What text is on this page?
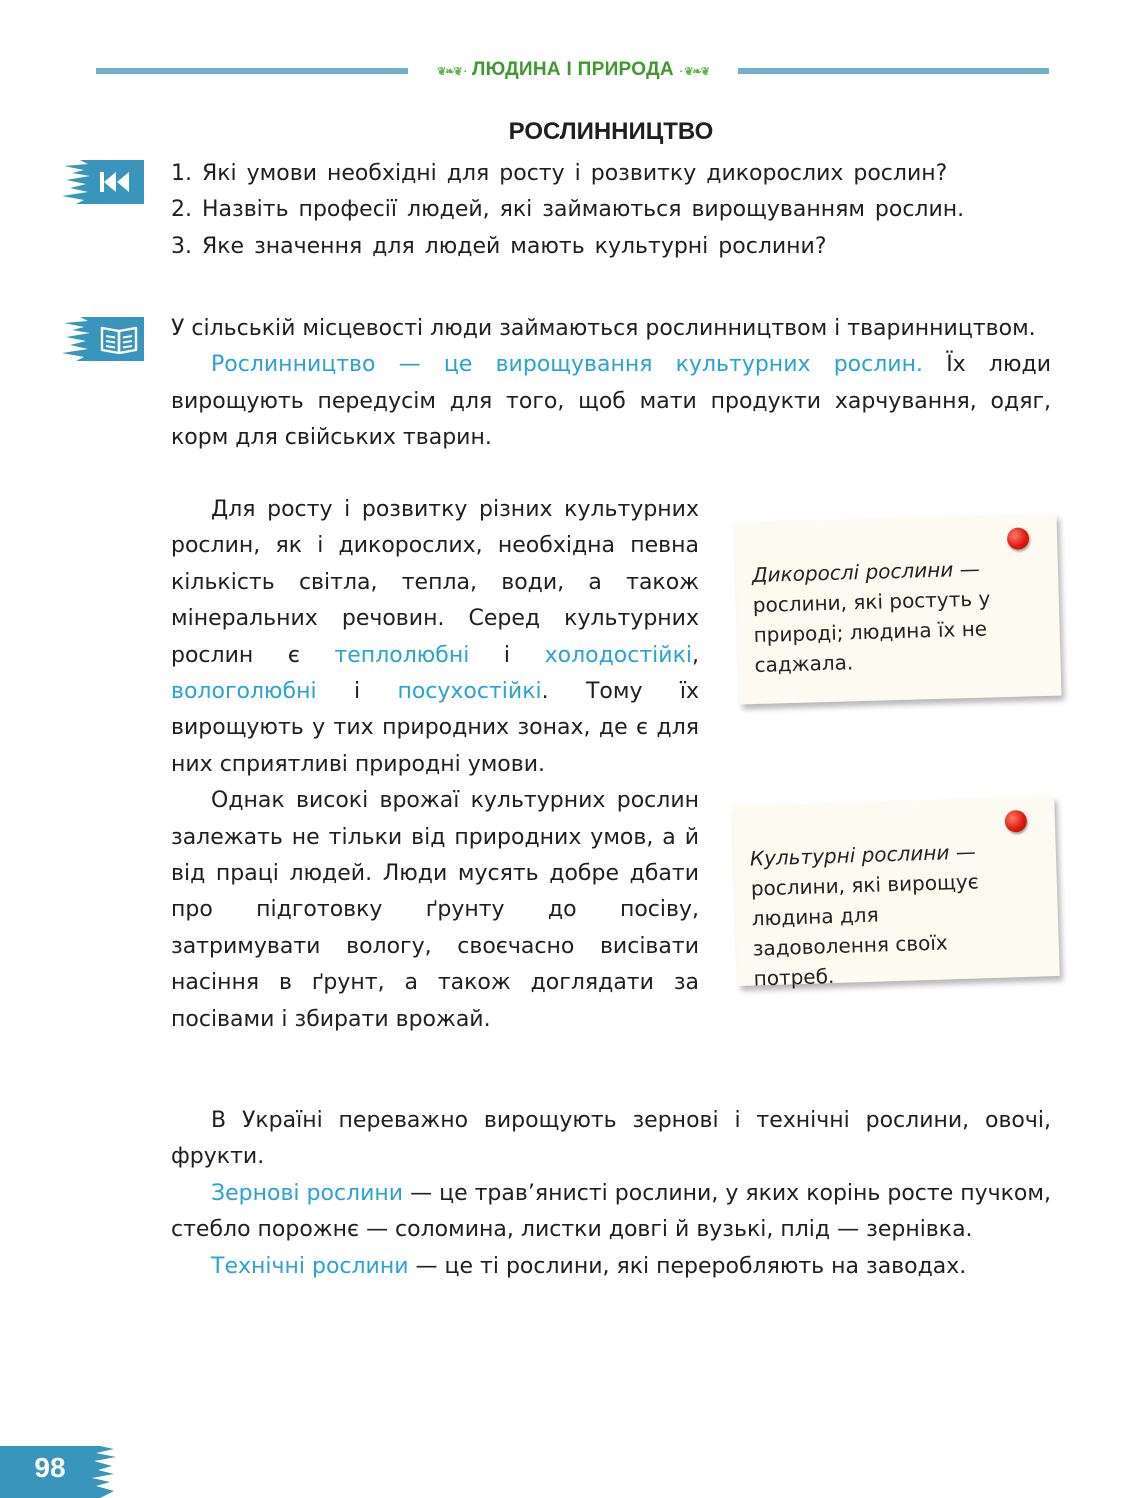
❦❧❦ · ЛЮДИНА І ПРИРОДА · ❦❧❦
РОСЛИННИЦТВО
1. Які умови необхідні для росту і розвитку дикорослих рослин?
2. Назвіть професії людей, які займаються вирощуванням рослин.
3. Яке значення для людей мають культурні рослини?

У сільській місцевості люди займаються рослинництвом і тваринництвом.

Рослинництво — це вирощування культурних рослин. Їх люди вирощують передусім для того, щоб мати продукти харчування, одяг, корм для свійських тварин.

Для росту і розвитку різних культурних рослин, як і дикорослих, необхідна певна кількість світла, тепла, води, а також мінеральних речовин. Серед культурних рослин є теплолюбні і холодостійкі, вологолюбні і посухостійкі. Тому їх вирощують у тих природних зонах, де є для них сприятливі природні умови.

Однак високі врожаї культурних рослин залежать не тільки від природних умов, а й від праці людей. Люди мусять добре дбати про підготовку ґрунту до посіву, затримувати вологу, своєчасно висівати насіння в ґрунт, а також доглядати за посівами і збирати врожай.

Дикорослі рослини — рослини, які ростуть у природі; людина їх не саджала.
Культурні рослини — рослини, які вирощує людина для задоволення своїх потреб.

В Україні переважно вирощують зернові і технічні рослини, овочі, фрукти.

Зернові рослини — це трав’янисті рослини, у яких корінь росте пучком, стебло порожнє — соломина, листки довгі й вузькі, плід — зернівка.

Технічні рослини — це ті рослини, які переробляють на заводах.

98
